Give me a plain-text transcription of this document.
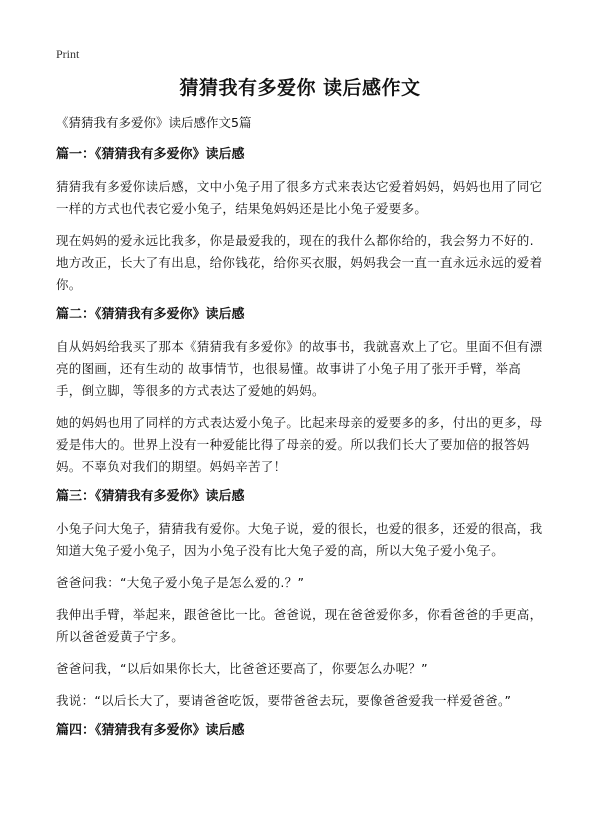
Print
猜猜我有多爱你 读后感作文
《猜猜我有多爱你》读后感作文5篇
篇一：《猜猜我有多爱你》读后感

猜猜我有多爱你读后感，文中小兔子用了很多方式来表达它爱着妈妈，妈妈也用了同它一样的方式也代表它爱小兔子，结果兔妈妈还是比小兔子爱要多。

现在妈妈的爱永远比我多，你是最爱我的，现在的我什么都你给的，我会努力不好的.地方改正，长大了有出息，给你钱花，给你买衣服，妈妈我会一直一直永远永远的爱着你。

篇二：《猜猜我有多爱你》读后感

自从妈妈给我买了那本《猜猜我有多爱你》的故事书，我就喜欢上了它。里面不但有漂亮的图画，还有生动的 故事情节，也很易懂。故事讲了小兔子用了张开手臂，举高手，倒立脚，等很多的方式表达了爱她的妈妈。

她的妈妈也用了同样的方式表达爱小兔子。比起来母亲的爱要多的多，付出的更多，母爱是伟大的。世界上没有一种爱能比得了母亲的爱。所以我们长大了要加倍的报答妈妈。不辜负对我们的期望。妈妈辛苦了！

篇三：《猜猜我有多爱你》读后感

小兔子问大兔子，猜猜我有爱你。大兔子说，爱的很长，也爱的很多，还爱的很高，我知道大兔子爱小兔子，因为小兔子没有比大兔子爱的高，所以大兔子爱小兔子。

爸爸问我：“大兔子爱小兔子是怎么爱的.？”

我伸出手臂，举起来，跟爸爸比一比。爸爸说，现在爸爸爱你多，你看爸爸的手更高，所以爸爸爱黄子宁多。

爸爸问我，“以后如果你长大，比爸爸还要高了，你要怎么办呢？”

我说：“以后长大了，要请爸爸吃饭，要带爸爸去玩，要像爸爸爱我一样爱爸爸。”

篇四：《猜猜我有多爱你》读后感
